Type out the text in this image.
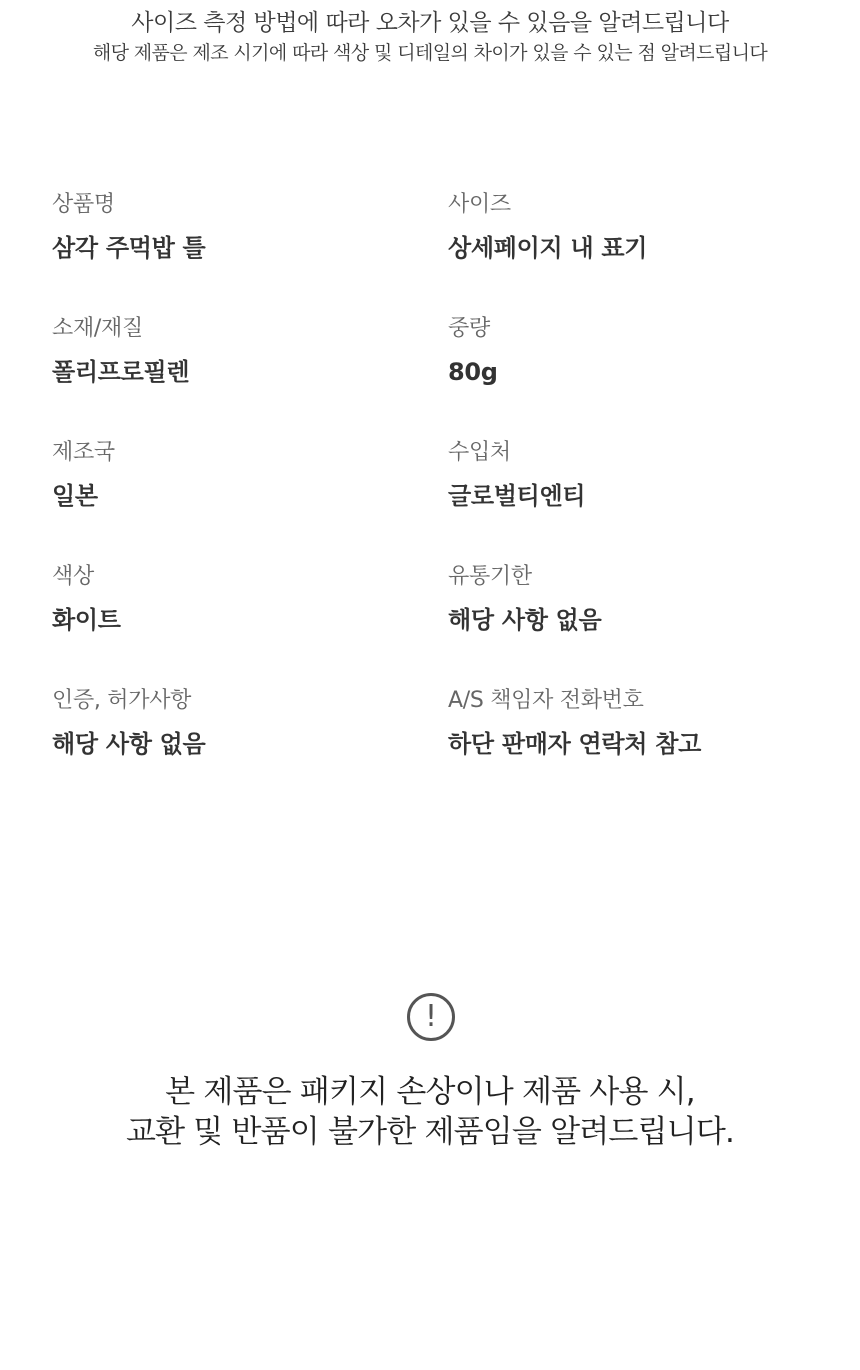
사이즈 측정 방법에 따라 오차가 있을 수 있음을 알려드립니다
해당 제품은 제조 시기에 따라 색상 및 디테일의 차이가 있을 수 있는 점 알려드립니다
상품명
삼각 주먹밥 틀
사이즈
상세페이지 내 표기
소재/재질
폴리프로필렌
중량
80g
제조국
일본
수입처
글로벌티엔티
색상
화이트
유통기한
해당 사항 없음
인증, 허가사항
해당 사항 없음
A/S 책임자 전화번호
하단 판매자 연락처 참고
!
본 제품은 패키지 손상이나 제품 사용 시,
교환 및 반품이 불가한 제품임을 알려드립니다.
